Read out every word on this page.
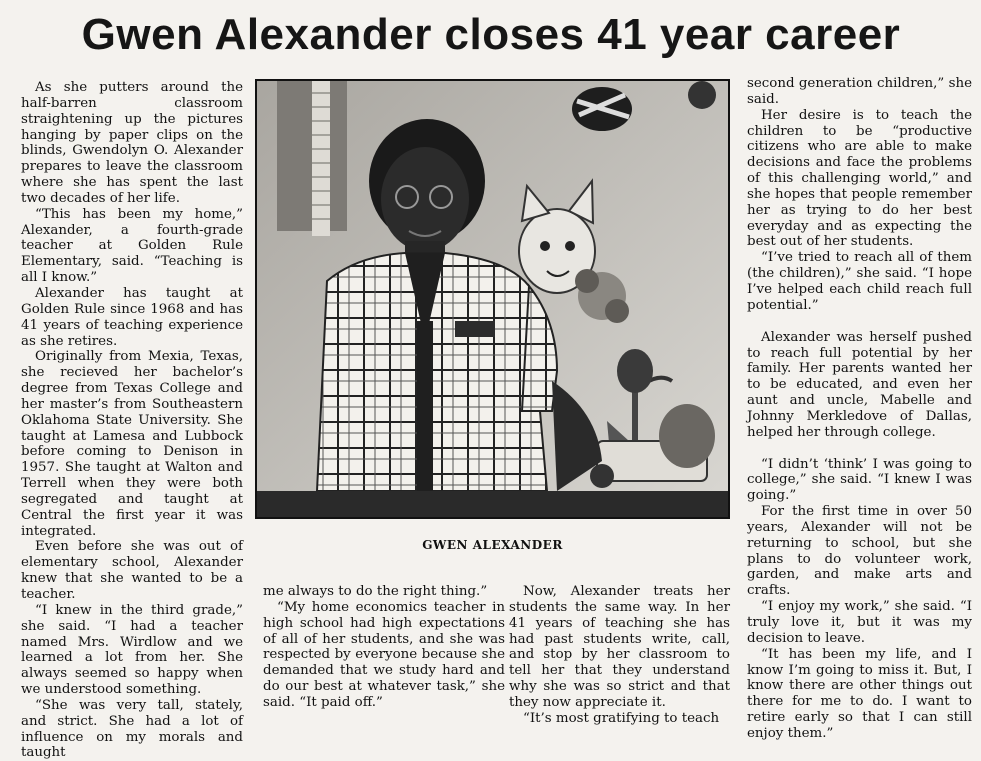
Gwen Alexander closes 41 year career

As she putters around the half-barren classroom straightening up the pictures hanging by paper clips on the blinds, Gwendolyn O. Alexander prepares to leave the classroom where she has spent the last two decades of her life.

“This has been my home,” Alexander, a fourth-grade teacher at Golden Rule Elementary, said. “Teaching is all I know.”

Alexander has taught at Golden Rule since 1968 and has 41 years of teaching experience as she retires.

Originally from Mexia, Texas, she recieved her bachelor’s degree from Texas College and her master’s from Southeastern Oklahoma State University. She taught at Lamesa and Lubbock before coming to Denison in 1957. She taught at Walton and Terrell when they were both segregated and taught at Central the first year it was integrated.

Even before she was out of elementary school, Alexander knew that she wanted to be a teacher.

“I knew in the third grade,” she said. “I had a teacher named Mrs. Wirdlow and we learned a lot from her. She always seemed so happy when we understood something.

“She was very tall, stately, and strict. She had a lot of influence on my morals and taught

GWEN ALEXANDER

me always to do the right thing.”

“My home economics teacher in high school had high expectations of all of her students, and she was respected by everyone because she demanded that we study hard and do our best at whatever task,” she said. “It paid off.”

Now, Alexander treats her students the same way. In her 41 years of teaching she has had past students write, call, and stop by her classroom to tell her that they understand why she was so strict and that they now appreciate it.

“It’s most gratifying to teach

second generation children,” she said.

Her desire is to teach the children to be “productive citizens who are able to make decisions and face the problems of this challenging world,” and she hopes that people remember her as trying to do her best everyday and as expecting the best out of her students.

“I’ve tried to reach all of them (the children),” she said. “I hope I’ve helped each child reach full potential.”

Alexander was herself pushed to reach full potential by her family. Her parents wanted her to be educated, and even her aunt and uncle, Mabelle and Johnny Merkledove of Dallas, helped her through college.

“I didn’t ‘think’ I was going to college,” she said. “I knew I was going.”

For the first time in over 50 years, Alexander will not be returning to school, but she plans to do volunteer work, garden, and make arts and crafts.

“I enjoy my work,” she said. “I truly love it, but it was my decision to leave.

“It has been my life, and I know I’m going to miss it. But, I know there are other things out there for me to do. I want to retire early so that I can still enjoy them.”
